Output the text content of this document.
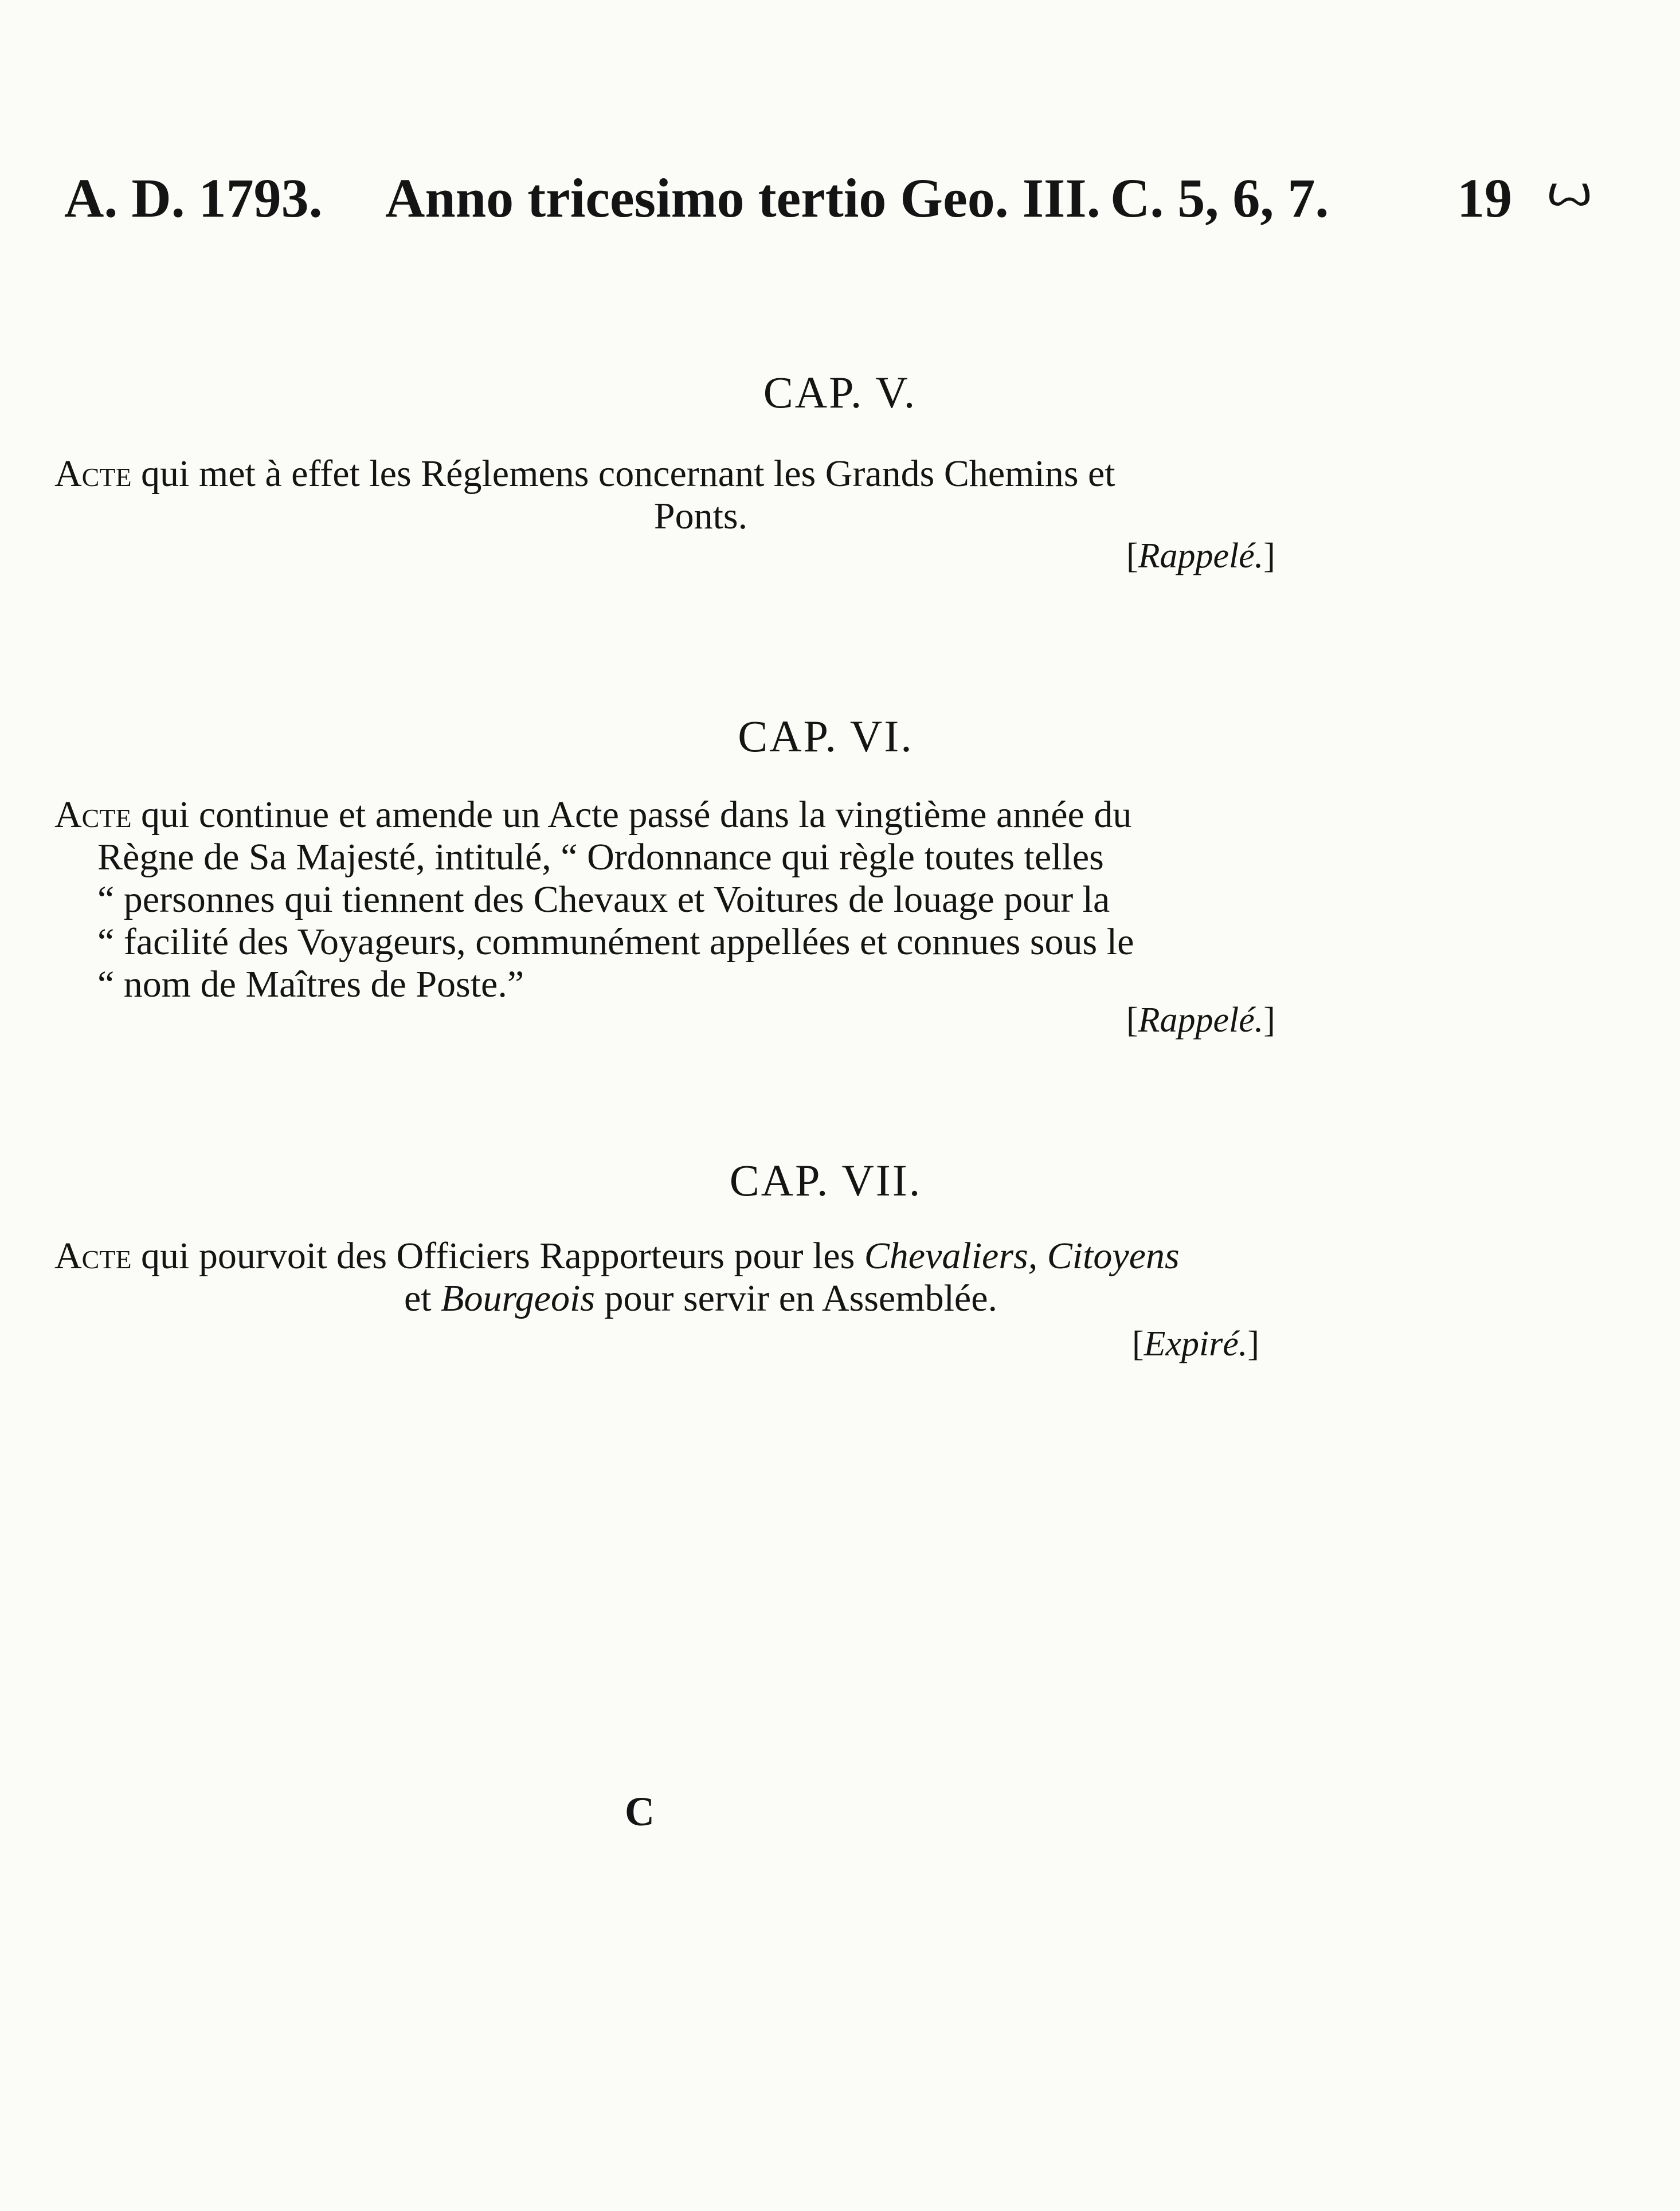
A. D. 1793. Anno tricesimo tertio Geo. III. C. 5, 6, 7. 19 ꙍ
CAP. V.
Acte qui met à effet les Réglemens concernant les Grands Chemins et
Ponts.
[Rappelé.]
CAP. VI.
Acte qui continue et amende un Acte passé dans la vingtième année du
Règne de Sa Majesté, intitulé, “ Ordonnance qui règle toutes telles
“ personnes qui tiennent des Chevaux et Voitures de louage pour la
“ facilité des Voyageurs, communément appellées et connues sous le
“ nom de Maîtres de Poste.”
[Rappelé.]
CAP. VII.
Acte qui pourvoit des Officiers Rapporteurs pour les Chevaliers, Citoyens
et Bourgeois pour servir en Assemblée.
[Expiré.]
C
